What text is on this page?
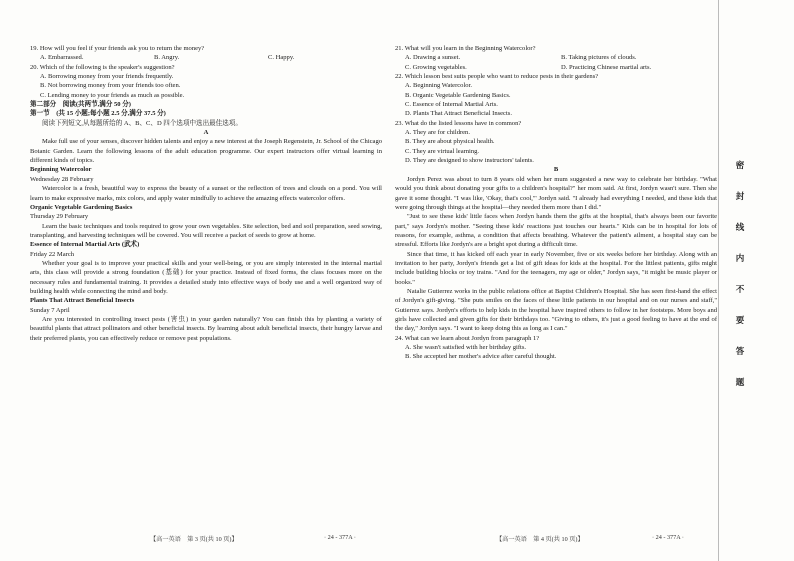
19. How will you feel if your friends ask you to return the money?

A. Embarrassed.	B. Angry.	C. Happy.

20. Which of the following is the speaker's suggestion?

A. Borrowing money from your friends frequently.

B. Not borrowing money from your friends too often.

C. Lending money to your friends as much as possible.

第二部分　阅读(共两节,满分 50 分)

第一节　(共 15 小题;每小题 2.5 分,满分 37.5 分)

阅读下列短文,从每题所给的 A、B、C、D 四个选项中选出最佳选项。

A

Make full use of your senses, discover hidden talents and enjoy a new interest at the Joseph Regenstein, Jr. School of the Chicago Botanic Garden. Learn the following lessons of the adult education programme. Our expert instructors offer virtual learning in different kinds of topics.

Beginning Watercolor

Wednesday 28 February

Watercolor is a fresh, beautiful way to express the beauty of a sunset or the reflection of trees and clouds on a pond. You will learn to make expressive marks, mix colors, and apply water mindfully to achieve the amazing effects watercolor offers.

Organic Vegetable Gardening Basics

Thursday 29 February

Learn the basic techniques and tools required to grow your own vegetables. Site selection, bed and soil preparation, seed sowing, transplanting, and harvesting techniques will be covered. You will receive a packet of seeds to grow at home.

Essence of Internal Martial Arts (武术)

Friday 22 March

Whether your goal is to improve your practical skills and your well-being, or you are simply interested in the internal martial arts, this class will provide a strong foundation (基础) for your practice. Instead of fixed forms, the class focuses more on the necessary rules and fundamental training. It provides a detailed study into effective ways of body use and a well organized way of building health while connecting the mind and body.

Plants That Attract Beneficial Insects

Sunday 7 April

Are you interested in controlling insect pests (害虫) in your garden naturally? You can finish this by planting a variety of beautiful plants that attract pollinators and other beneficial insects. By learning about adult beneficial insects, their hungry larvae and their preferred plants, you can effectively reduce or remove pest populations.

21. What will you learn in the Beginning Watercolor?

A. Drawing a sunset.	B. Taking pictures of clouds.
C. Growing vegetables.	D. Practicing Chinese martial arts.

22. Which lesson best suits people who want to reduce pests in their gardens?

A. Beginning Watercolor.

B. Organic Vegetable Gardening Basics.

C. Essence of Internal Martial Arts.

D. Plants That Attract Beneficial Insects.

23. What do the listed lessons have in common?

A. They are for children.

B. They are about physical health.

C. They are virtual learning.

D. They are designed to show instructors' talents.

B

Jordyn Perez was about to turn 8 years old when her mum suggested a new way to celebrate her birthday. "What would you think about donating your gifts to a children's hospital?" her mom said. At first, Jordyn wasn't sure. Then she gave it some thought. "I was like, 'Okay, that's cool,'" Jordyn said. "I already had everything I needed, and these kids that were going through things at the hospital—they needed them more than I did."

"Just to see these kids' little faces when Jordyn hands them the gifts at the hospital, that's always been our favorite part," says Jordyn's mother. "Seeing these kids' reactions just touches our hearts." Kids can be in hospital for lots of reasons, for example, asthma, a condition that affects breathing. Whatever the patient's ailment, a hospital stay can be stressful. Efforts like Jordyn's are a bright spot during a difficult time.

Since that time, it has kicked off each year in early November, five or six weeks before her birthday. Along with an invitation to her party, Jordyn's friends get a list of gift ideas for kids at the hospital. For the littlest patients, gifts might include building blocks or toy trains. "And for the teenagers, my age or older," Jordyn says, "it might be music player or books."

Natalie Gutierrez works in the public relations office at Baptist Children's Hospital. She has seen first-hand the effect of Jordyn's gift-giving. "She puts smiles on the faces of these little patients in our hospital and on our nurses and staff," Gutierrez says. Jordyn's efforts to help kids in the hospital have inspired others to follow in her footsteps. More boys and girls have collected and given gifts for their birthdays too. "Giving to others, it's just a good feeling to have at the end of the day," Jordyn says. "I want to keep doing this as long as I can."

24. What can we learn about Jordyn from paragraph 1?

A. She wasn't satisfied with her birthday gifts.

B. She accepted her mother's advice after careful thought.

【高一英语　第 3 页(共 10 页)】	· 24 - 377A ·	【高一英语　第 4 页(共 10 页)】	· 24 - 377A ·
密
封
线
内
不
要
答
题
